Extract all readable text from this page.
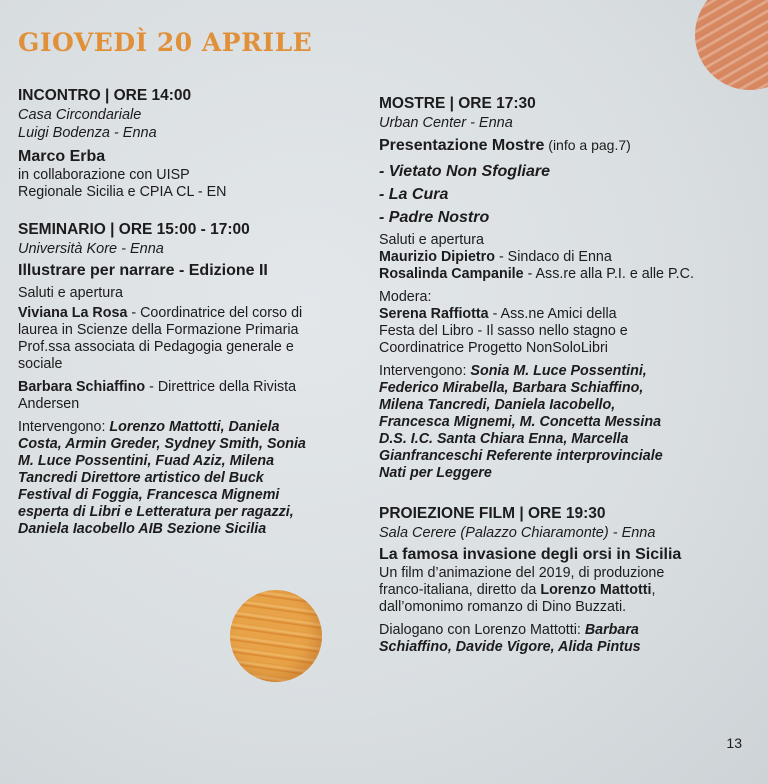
GIOVEDÌ 20 APRILE

INCONTRO | ORE 14:00

Casa Circondariale

Luigi Bodenza - Enna

Marco Erba

in collaborazione con UISP

Regionale Sicilia e CPIA CL - EN

SEMINARIO | ORE 15:00 - 17:00

Università Kore - Enna

Illustrare per narrare - Edizione II

Saluti e apertura

Viviana La Rosa - Coordinatrice del corso di

laurea in Scienze della Formazione Primaria

Prof.ssa associata di Pedagogia generale e

sociale

Barbara Schiaffino - Direttrice della Rivista

Andersen

Intervengono: Lorenzo Mattotti, Daniela

Costa, Armin Greder, Sydney Smith, Sonia

M. Luce Possentini, Fuad Aziz, Milena

Tancredi Direttore artistico del Buck

Festival di Foggia, Francesca Mignemi

esperta di Libri e Letteratura per ragazzi,

Daniela Iacobello AIB Sezione Sicilia

MOSTRE | ORE 17:30

Urban Center - Enna

Presentazione Mostre (info a pag.7)

- Vietato Non Sfogliare

- La Cura

- Padre Nostro

Saluti e apertura

Maurizio Dipietro - Sindaco di Enna

Rosalinda Campanile - Ass.re alla P.I. e alle P.C.

Modera:

Serena Raffiotta - Ass.ne Amici della

Festa del Libro - Il sasso nello stagno e

Coordinatrice Progetto NonSoloLibri

Intervengono: Sonia M. Luce Possentini,

Federico Mirabella, Barbara Schiaffino,

Milena Tancredi, Daniela Iacobello,

Francesca Mignemi, M. Concetta Messina

D.S. I.C. Santa Chiara Enna, Marcella

Gianfranceschi Referente interprovinciale

Nati per Leggere

PROIEZIONE FILM | ORE 19:30

Sala Cerere (Palazzo Chiaramonte) - Enna

La famosa invasione degli orsi in Sicilia

Un film d’animazione del 2019, di produzione

franco-italiana, diretto da Lorenzo Mattotti,

dall’omonimo romanzo di Dino Buzzati.

Dialogano con Lorenzo Mattotti: Barbara

Schiaffino, Davide Vigore, Alida Pintus

13
